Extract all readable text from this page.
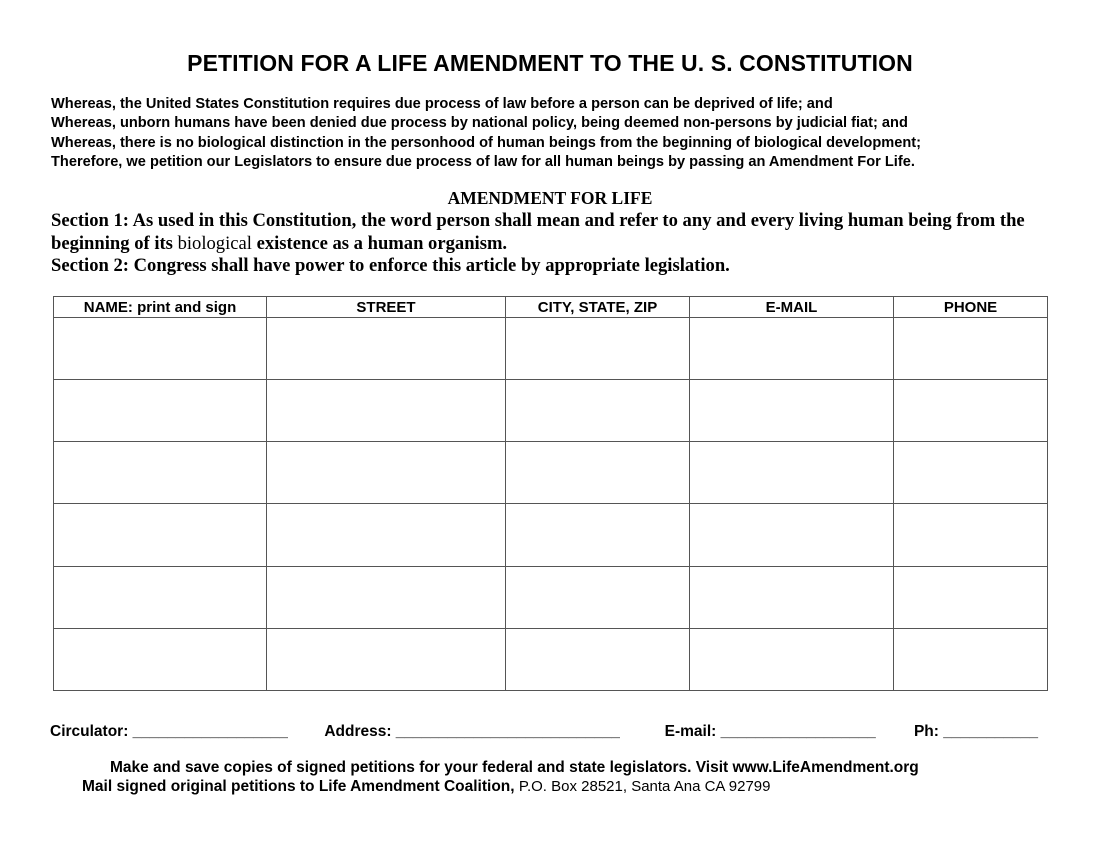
PETITION FOR A LIFE AMENDMENT TO THE U. S. CONSTITUTION
Whereas, the United States Constitution requires due process of law before a person can be deprived of life; and
Whereas, unborn humans have been denied due process by national policy, being deemed non-persons by judicial fiat; and
Whereas, there is no biological distinction in the personhood of human beings from the beginning of biological development;
Therefore, we petition our Legislators to ensure due process of law for all human beings by passing an Amendment For Life.
AMENDMENT FOR LIFE
Section 1: As used in this Constitution, the word person shall mean and refer to any and every living human being from the beginning of its biological existence as a human organism.
Section 2: Congress shall have power to enforce this article by appropriate legislation.
NAME: print and sign	STREET	CITY, STATE, ZIP	E-MAIL	PHONE

Circulator: __________________ Address: __________________________	E-mail: __________________ Ph: ___________
Make and save copies of signed petitions for your federal and state legislators. Visit www.LifeAmendment.org
Mail signed original petitions to Life Amendment Coalition, P.O. Box 28521, Santa Ana CA 92799
